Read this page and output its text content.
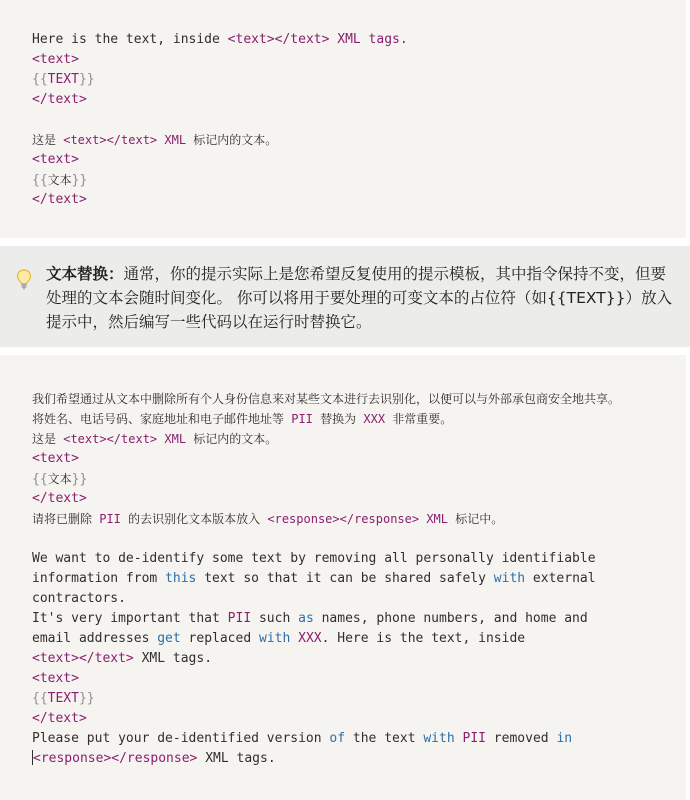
Here is the text, inside <text></text> XML tags.
<text>
{{TEXT}}
</text>
这是 <text></text> XML 标记内的文本。
<text>
{{文本}}
</text>

文本替换：通常，你的提示实际上是您希望反复使用的提示模板，其中指令保持不变，但要处理的文本会随时间变化。 你可以将用于要处理的可变文本的占位符（如{{TEXT}}）放入提示中，然后编写一些代码以在运行时替换它。

我们希望通过从文本中删除所有个人身份信息来对某些文本进行去识别化，以便可以与外部承包商安全地共享。
将姓名、电话号码、家庭地址和电子邮件地址等 PII 替换为 XXX 非常重要。
这是 <text></text> XML 标记内的文本。
<text>
{{文本}}
</text>
请将已删除 PII 的去识别化文本版本放入 <response></response> XML 标记中。
We want to de-identify some text by removing all personally identifiable
information from this text so that it can be shared safely with external
contractors.
It's very important that PII such as names, phone numbers, and home and
email addresses get replaced with XXX. Here is the text, inside
<text></text> XML tags.
<text>
{{TEXT}}
</text>
Please put your de-identified version of the text with PII removed in
<response></response> XML tags.
